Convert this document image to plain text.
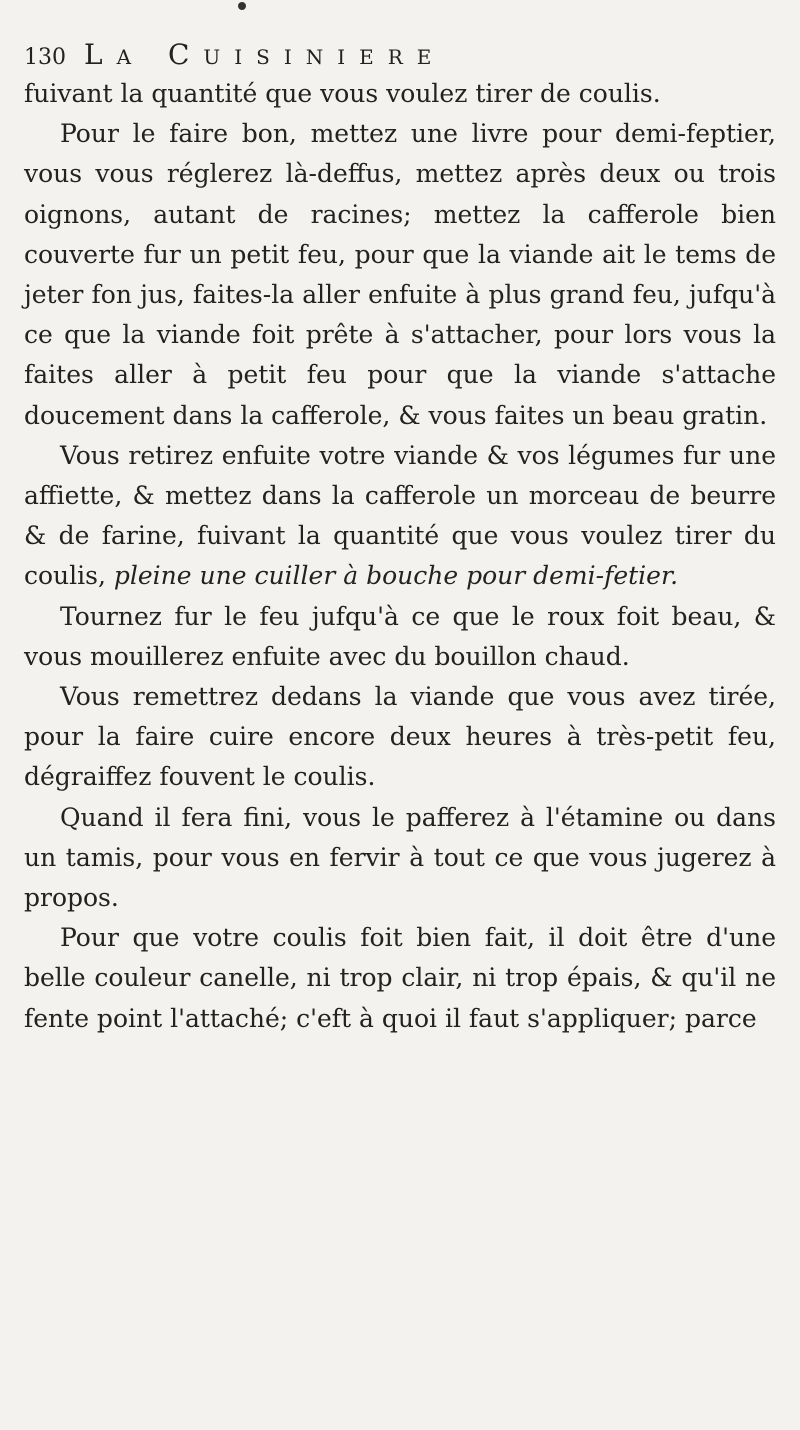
130 La Cuisiniere

fuivant la quantité que vous voulez tirer de coulis.

Pour le faire bon, mettez une livre pour demi-feptier, vous vous réglerez là-deffus, mettez après deux ou trois oignons, autant de racines; mettez la cafferole bien couverte fur un petit feu, pour que la viande ait le tems de jeter fon jus, faites-la aller enfuite à plus grand feu, jufqu'à ce que la viande foit prête à s'attacher, pour lors vous la faites aller à petit feu pour que la viande s'attache doucement dans la cafferole, & vous faites un beau gratin.

Vous retirez enfuite votre viande & vos légumes fur une affiette, & mettez dans la cafferole un morceau de beurre & de farine, fuivant la quantité que vous voulez tirer du coulis, pleine une cuiller à bouche pour demi-fetier.

Tournez fur le feu jufqu'à ce que le roux foit beau, & vous mouillerez enfuite avec du bouillon chaud.

Vous remettrez dedans la viande que vous avez tirée, pour la faire cuire encore deux heures à très-petit feu, dégraiffez fouvent le coulis.

Quand il fera fini, vous le pafferez à l'étamine ou dans un tamis, pour vous en fervir à tout ce que vous jugerez à propos.

Pour que votre coulis foit bien fait, il doit être d'une belle couleur canelle, ni trop clair, ni trop épais, & qu'il ne fente point l'attaché; c'eft à quoi il faut s'appliquer; parce
